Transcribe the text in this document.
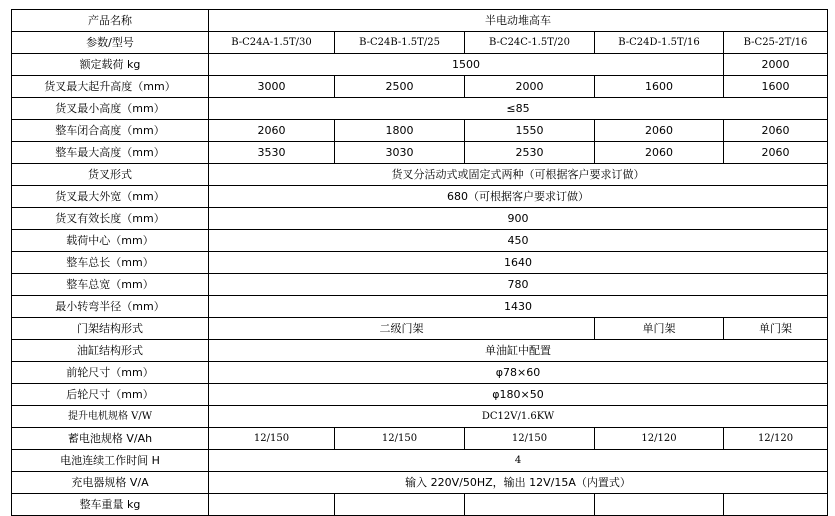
产品名称	半电动堆高车				
参数/型号	B-C24A-1.5T/30	B-C24B-1.5T/25	B-C24C-1.5T/20	B-C24D-1.5T/16	B-C25-2T/16
额定载荷 kg	1500				2000
货叉最大起升高度（mm）	3000	2500	2000	1600	1600
货叉最小高度（mm）	≤85				
整车闭合高度（mm）	2060	1800	1550	2060	2060
整车最大高度（mm）	3530	3030	2530	2060	2060
货叉形式	货叉分活动式或固定式两种（可根据客户要求订做）				
货叉最大外宽（mm）	680（可根据客户要求订做）				
货叉有效长度（mm）	900				
载荷中心（mm）	450				
整车总长（mm）	1640				
整车总宽（mm）	780				
最小转弯半径（mm）	1430				
门架结构形式	二级门架			单门架	单门架
油缸结构形式	单油缸中配置				
前轮尺寸（mm）	φ78×60				
后轮尺寸（mm）	φ180×50				
提升电机规格 V/W	DC12V/1.6KW				
蓄电池规格 V/Ah	12/150	12/150	12/150	12/120	12/120
电池连续工作时间 H	4				
充电器规格 V/A	输入 220V/50HZ，输出 12V/15A（内置式）				
整车重量 kg					
